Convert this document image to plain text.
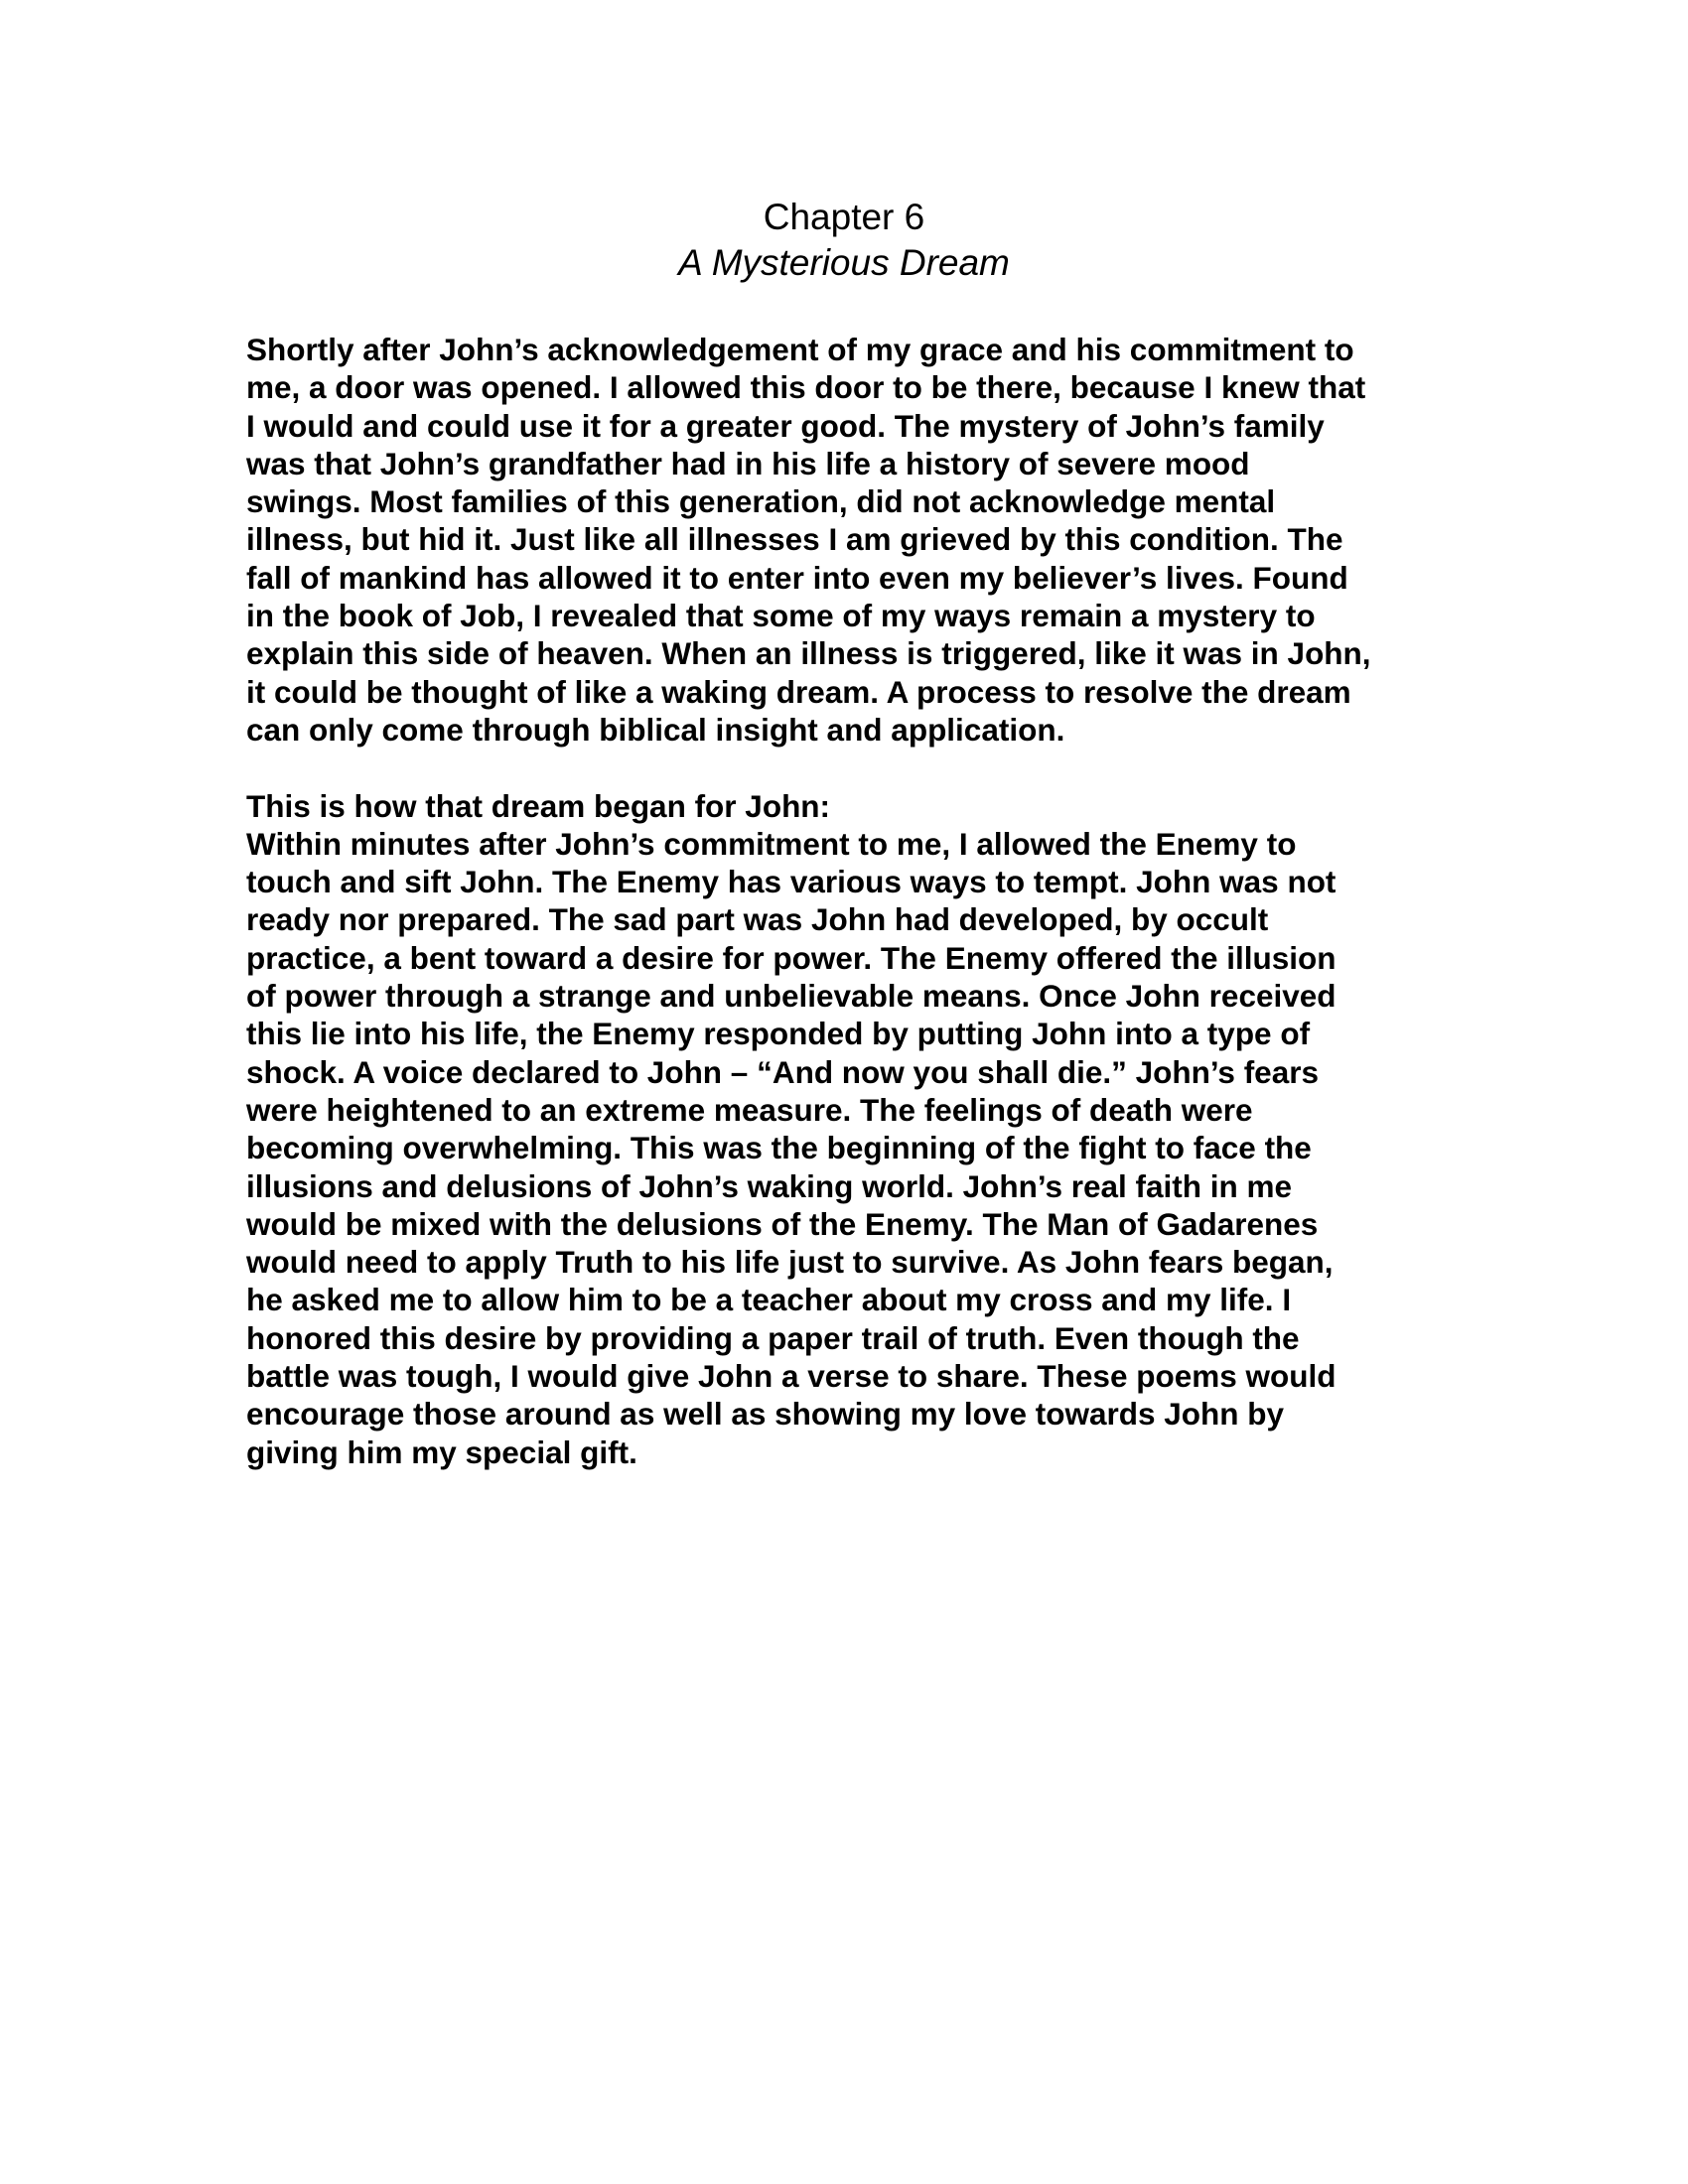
Chapter 6
A Mysterious Dream
Shortly after John’s acknowledgement of my grace and his commitment to
me, a door was opened. I allowed this door to be there, because I knew that
I would and could use it for a greater good. The mystery of John’s family
was that John’s grandfather had in his life a history of severe mood
swings. Most families of this generation, did not acknowledge mental
illness, but hid it. Just like all illnesses I am grieved by this condition. The
fall of mankind has allowed it to enter into even my believer’s lives. Found
in the book of Job, I revealed that some of my ways remain a mystery to
explain this side of heaven. When an illness is triggered, like it was in John,
it could be thought of like a waking dream. A process to resolve the dream
can only come through biblical insight and application.
This is how that dream began for John:
Within minutes after John’s commitment to me, I allowed the Enemy to
touch and sift John. The Enemy has various ways to tempt. John was not
ready nor prepared. The sad part was John had developed, by occult
practice, a bent toward a desire for power. The Enemy offered the illusion
of power through a strange and unbelievable means. Once John received
this lie into his life, the Enemy responded by putting John into a type of
shock. A voice declared to John – “And now you shall die.” John’s fears
were heightened to an extreme measure. The feelings of death were
becoming overwhelming. This was the beginning of the fight to face the
illusions and delusions of John’s waking world. John’s real faith in me
would be mixed with the delusions of the Enemy. The Man of Gadarenes
would need to apply Truth to his life just to survive. As John fears began,
he asked me to allow him to be a teacher about my cross and my life. I
honored this desire by providing a paper trail of truth. Even though the
battle was tough, I would give John a verse to share. These poems would
encourage those around as well as showing my love towards John by
giving him my special gift.
